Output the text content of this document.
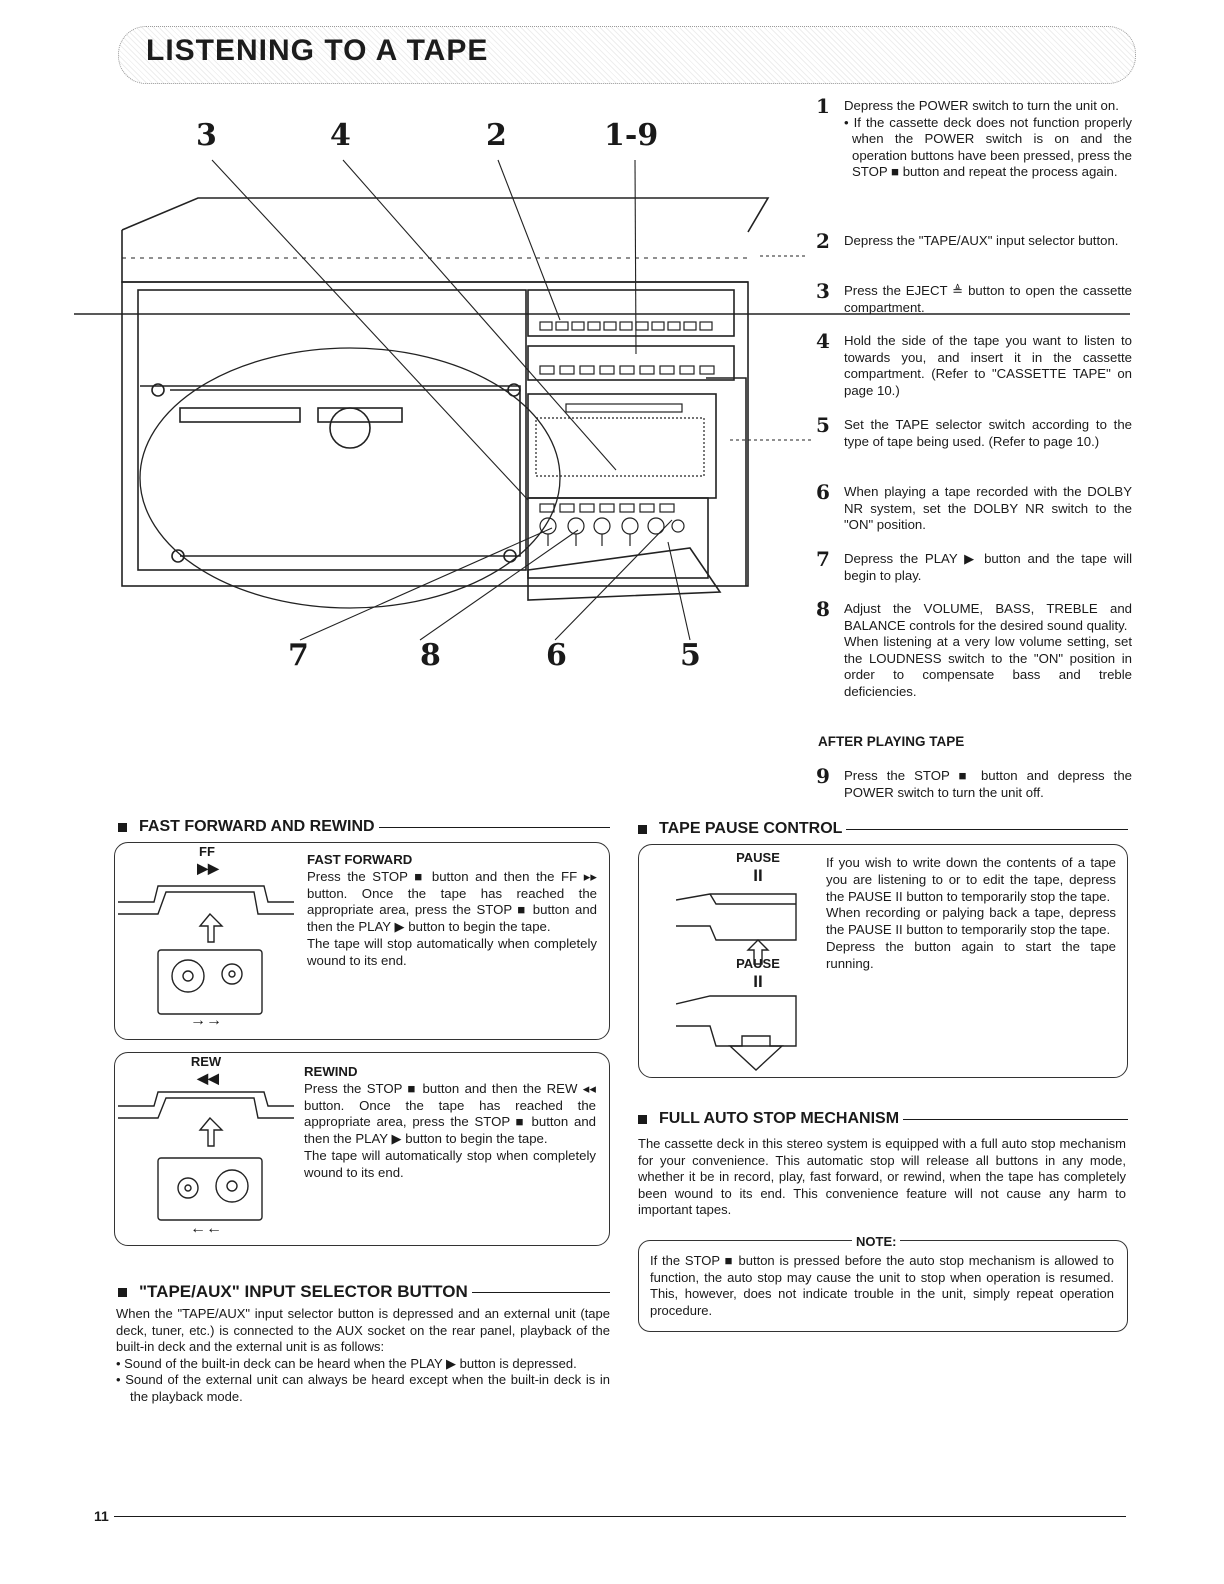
LISTENING TO A TAPE
3	4	2	1-9
7	8	6	5
1 Depress the POWER switch to turn the unit on.
• If the cassette deck does not function properly when the POWER switch is on and the operation buttons have been pressed, press the STOP ■ button and repeat the process again.
2 Depress the "TAPE/AUX" input selector button.
3 Press the EJECT ≜ button to open the cassette compartment.
4 Hold the side of the tape you want to listen to towards you, and insert it in the cassette compartment. (Refer to "CASSETTE TAPE" on page 10.)
5 Set the TAPE selector switch according to the type of tape being used. (Refer to page 10.)
6 When playing a tape recorded with the DOLBY NR system, set the DOLBY NR switch to the "ON" position.
7 Depress the PLAY ▶ button and the tape will begin to play.
8 Adjust the VOLUME, BASS, TREBLE and BALANCE controls for the desired sound quality.
When listening at a very low volume setting, set the LOUDNESS switch to the "ON" position in order to compensate bass and treble deficiencies.
AFTER PLAYING TAPE
9 Press the STOP ■ button and depress the POWER switch to turn the unit off.
FAST FORWARD AND REWIND
FF
▶▶
→→
FAST FORWARD
Press the STOP ■ button and then the FF ▸▸ button. Once the tape has reached the appropriate area, press the STOP ■ button and then the PLAY ▶ button to begin the tape.
The tape will stop automatically when completely wound to its end.
REW
◀◀
←←
REWIND
Press the STOP ■ button and then the REW ◂◂ button. Once the tape has reached the appropriate area, press the STOP ■ button and then the PLAY ▶ button to begin the tape.
The tape will automatically stop when completely wound to its end.
TAPE PAUSE CONTROL
PAUSE
II
PAUSE
II
If you wish to write down the contents of a tape you are listening to or to edit the tape, depress the PAUSE II button to temporarily stop the tape.
When recording or palying back a tape, depress the PAUSE II button to temporarily stop the tape.
Depress the button again to start the tape running.
FULL AUTO STOP MECHANISM
The cassette deck in this stereo system is equipped with a full auto stop mechanism for your convenience. This automatic stop will release all buttons in any mode, whether it be in record, play, fast forward, or rewind, when the tape has completely been wound to its end. This convenience feature will not cause any harm to important tapes.
NOTE:
If the STOP ■ button is pressed before the auto stop mechanism is allowed to function, the auto stop may cause the unit to stop when operation is resumed. This, however, does not indicate trouble in the unit, simply repeat operation procedure.
"TAPE/AUX" INPUT SELECTOR BUTTON
When the "TAPE/AUX" input selector button is depressed and an external unit (tape deck, tuner, etc.) is connected to the AUX socket on the rear panel, playback of the built-in deck and the external unit is as follows:
• Sound of the built-in deck can be heard when the PLAY ▶ button is depressed.
• Sound of the external unit can always be heard except when the built-in deck is in the playback mode.
11
